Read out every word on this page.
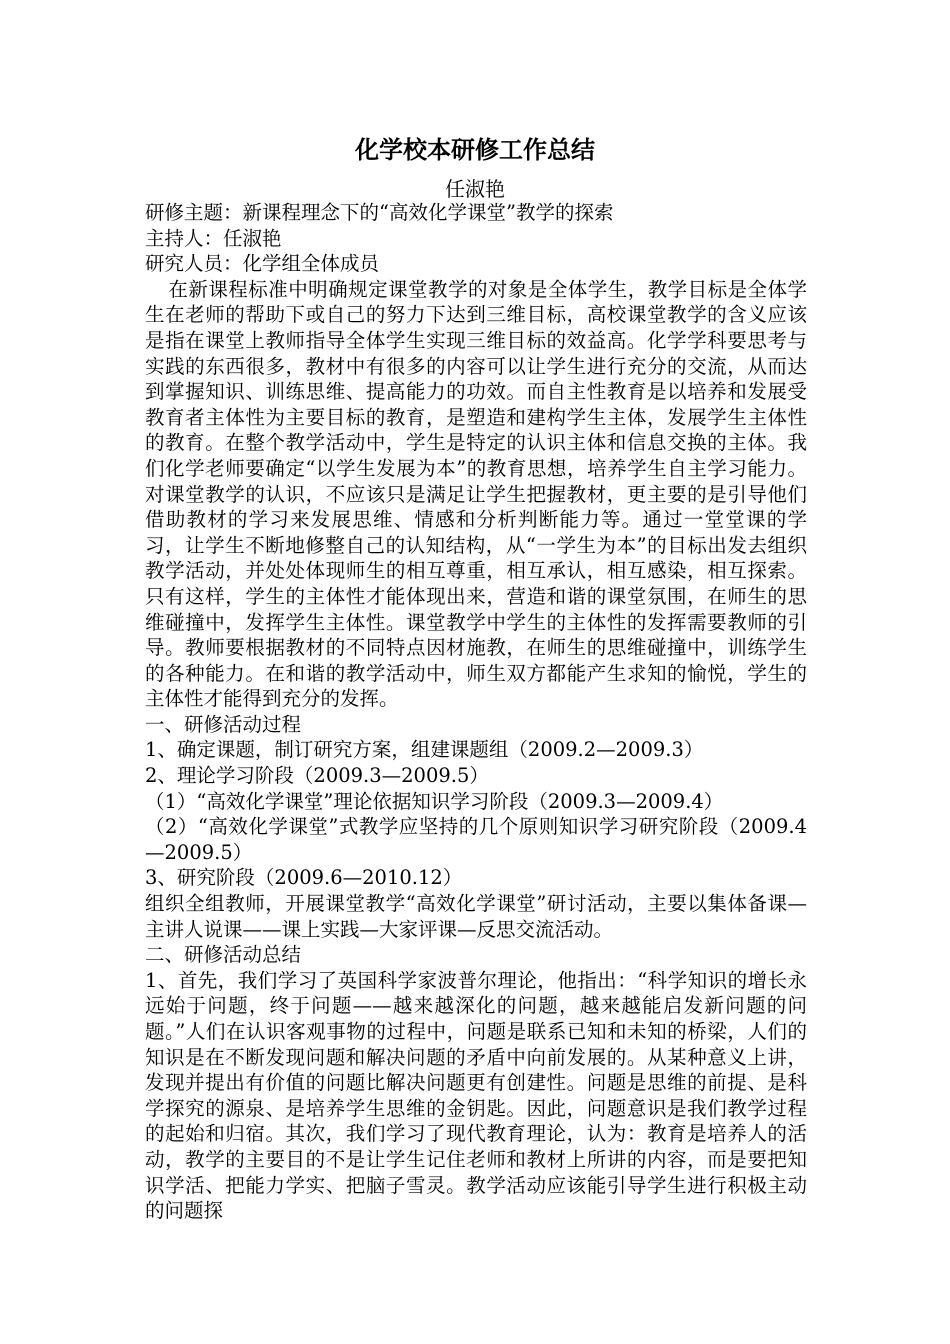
化学校本研修工作总结
任淑艳

研修主题：新课程理念下的“高效化学课堂”教学的探索

主持人：任淑艳

研究人员：化学组全体成员

在新课程标准中明确规定课堂教学的对象是全体学生，教学目标是全体学生在老师的帮助下或自己的努力下达到三维目标，高校课堂教学的含义应该是指在课堂上教师指导全体学生实现三维目标的效益高。化学学科要思考与实践的东西很多，教材中有很多的内容可以让学生进行充分的交流，从而达到掌握知识、训练思维、提高能力的功效。而自主性教育是以培养和发展受教育者主体性为主要目标的教育，是塑造和建构学生主体，发展学生主体性的教育。在整个教学活动中，学生是特定的认识主体和信息交换的主体。我们化学老师要确定“以学生发展为本”的教育思想，培养学生自主学习能力。对课堂教学的认识，不应该只是满足让学生把握教材，更主要的是引导他们借助教材的学习来发展思维、情感和分析判断能力等。通过一堂堂课的学习，让学生不断地修整自己的认知结构，从“一学生为本”的目标出发去组织教学活动，并处处体现师生的相互尊重，相互承认，相互感染，相互探索。只有这样，学生的主体性才能体现出来，营造和谐的课堂氛围，在师生的思维碰撞中，发挥学生主体性。课堂教学中学生的主体性的发挥需要教师的引导。教师要根据教材的不同特点因材施教，在师生的思维碰撞中，训练学生的各种能力。在和谐的教学活动中，师生双方都能产生求知的愉悦，学生的主体性才能得到充分的发挥。

一、研修活动过程

1、确定课题，制订研究方案，组建课题组（2009.2—2009.3）

2、理论学习阶段（2009.3—2009.5）

（1）“高效化学课堂”理论依据知识学习阶段（2009.3—2009.4）

（2）“高效化学课堂”式教学应坚持的几个原则知识学习研究阶段（2009.4—2009.5）

3、研究阶段（2009.6—2010.12）

组织全组教师，开展课堂教学“高效化学课堂”研讨活动，主要以集体备课—主讲人说课——课上实践—大家评课—反思交流活动。

二、研修活动总结

1、首先，我们学习了英国科学家波普尔理论，他指出：“科学知识的增长永远始于问题，终于问题——越来越深化的问题，越来越能启发新问题的问题。”人们在认识客观事物的过程中，问题是联系已知和未知的桥梁，人们的知识是在不断发现问题和解决问题的矛盾中向前发展的。从某种意义上讲，发现并提出有价值的问题比解决问题更有创建性。问题是思维的前提、是科学探究的源泉、是培养学生思维的金钥匙。因此，问题意识是我们教学过程的起始和归宿。其次，我们学习了现代教育理论，认为：教育是培养人的活动，教学的主要目的不是让学生记住老师和教材上所讲的内容，而是要把知识学活、把能力学实、把脑子雪灵。教学活动应该能引导学生进行积极主动的问题探
